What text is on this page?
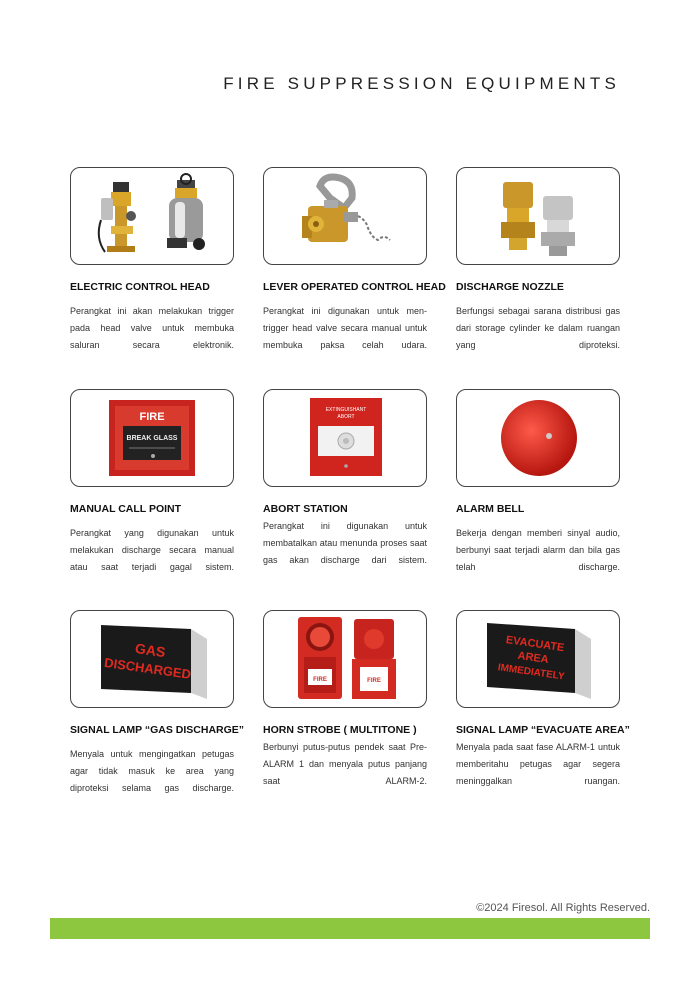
FIRE SUPPRESSION EQUIPMENTS
ELECTRIC CONTROL HEAD
Perangkat ini akan melakukan trigger pada head valve untuk membuka saluran secara elektronik.
LEVER OPERATED CONTROL HEAD
Perangkat ini digunakan untuk men-trigger head valve secara manual untuk membuka paksa celah udara.
DISCHARGE NOZZLE
Berfungsi sebagai sarana distribusi gas dari storage cylinder ke dalam ruangan yang diproteksi.
FIRE
BREAK GLASS
MANUAL CALL POINT
Perangkat yang digunakan untuk melakukan discharge secara manual atau saat terjadi gagal sistem.
EXTINGUISHANT
ABORT
ABORT STATION
Perangkat ini digunakan untuk membatalkan atau menunda proses saat gas akan discharge dari sistem.
ALARM BELL
Bekerja dengan memberi sinyal audio, berbunyi saat terjadi alarm dan bila gas telah discharge.
GAS
DISCHARGED
SIGNAL LAMP “GAS DISCHARGE”
Menyala untuk mengingatkan petugas agar tidak masuk ke area yang diproteksi selama gas discharge.
FIRE	FIRE
HORN STROBE ( MULTITONE )
Berbunyi putus-putus pendek saat Pre-ALARM 1 dan menyala putus panjang saat ALARM-2.
EVACUATE
AREA
IMMEDIATELY
SIGNAL LAMP “EVACUATE AREA”
Menyala pada saat fase ALARM-1 untuk memberitahu petugas agar segera meninggalkan ruangan.
©2024 Firesol. All Rights Reserved.
